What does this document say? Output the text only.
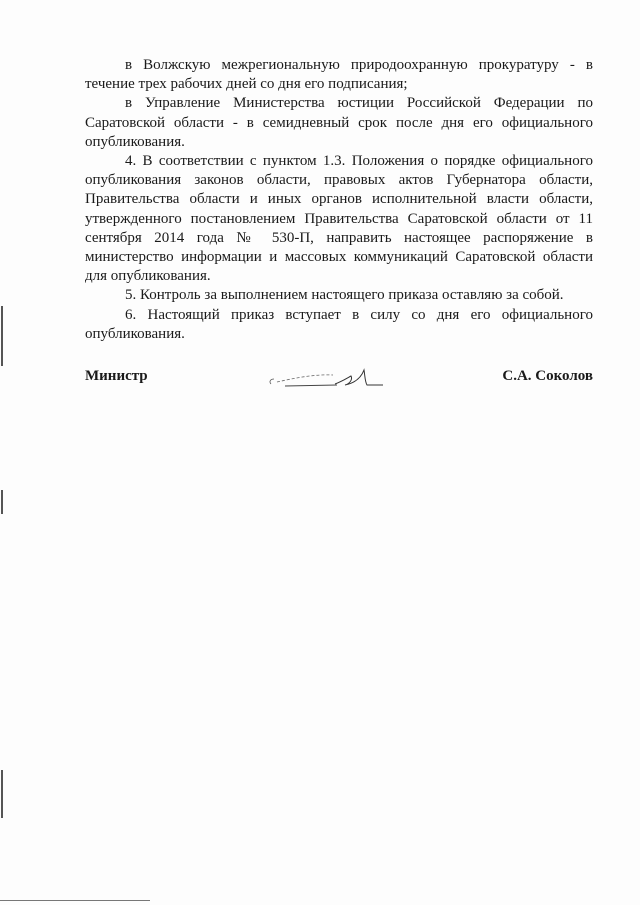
в Волжскую межрегиональную природоохранную прокуратуру - в течение трех рабочих дней со дня его подписания;

в Управление Министерства юстиции Российской Федерации по Саратовской области - в семидневный срок после дня его официального опубликования.

4. В соответствии с пунктом 1.3. Положения о порядке официального опубликования законов области, правовых актов Губернатора области, Правительства области и иных органов исполнительной власти области, утвержденного постановлением Правительства Саратовской области от 11 сентября 2014 года № 530-П, направить настоящее распоряжение в министерство информации и массовых коммуникаций Саратовской области для опубликования.

5. Контроль за выполнением настоящего приказа оставляю за собой.

6. Настоящий приказ вступает в силу со дня его официального опубликования.

Министр	С.А. Соколов
